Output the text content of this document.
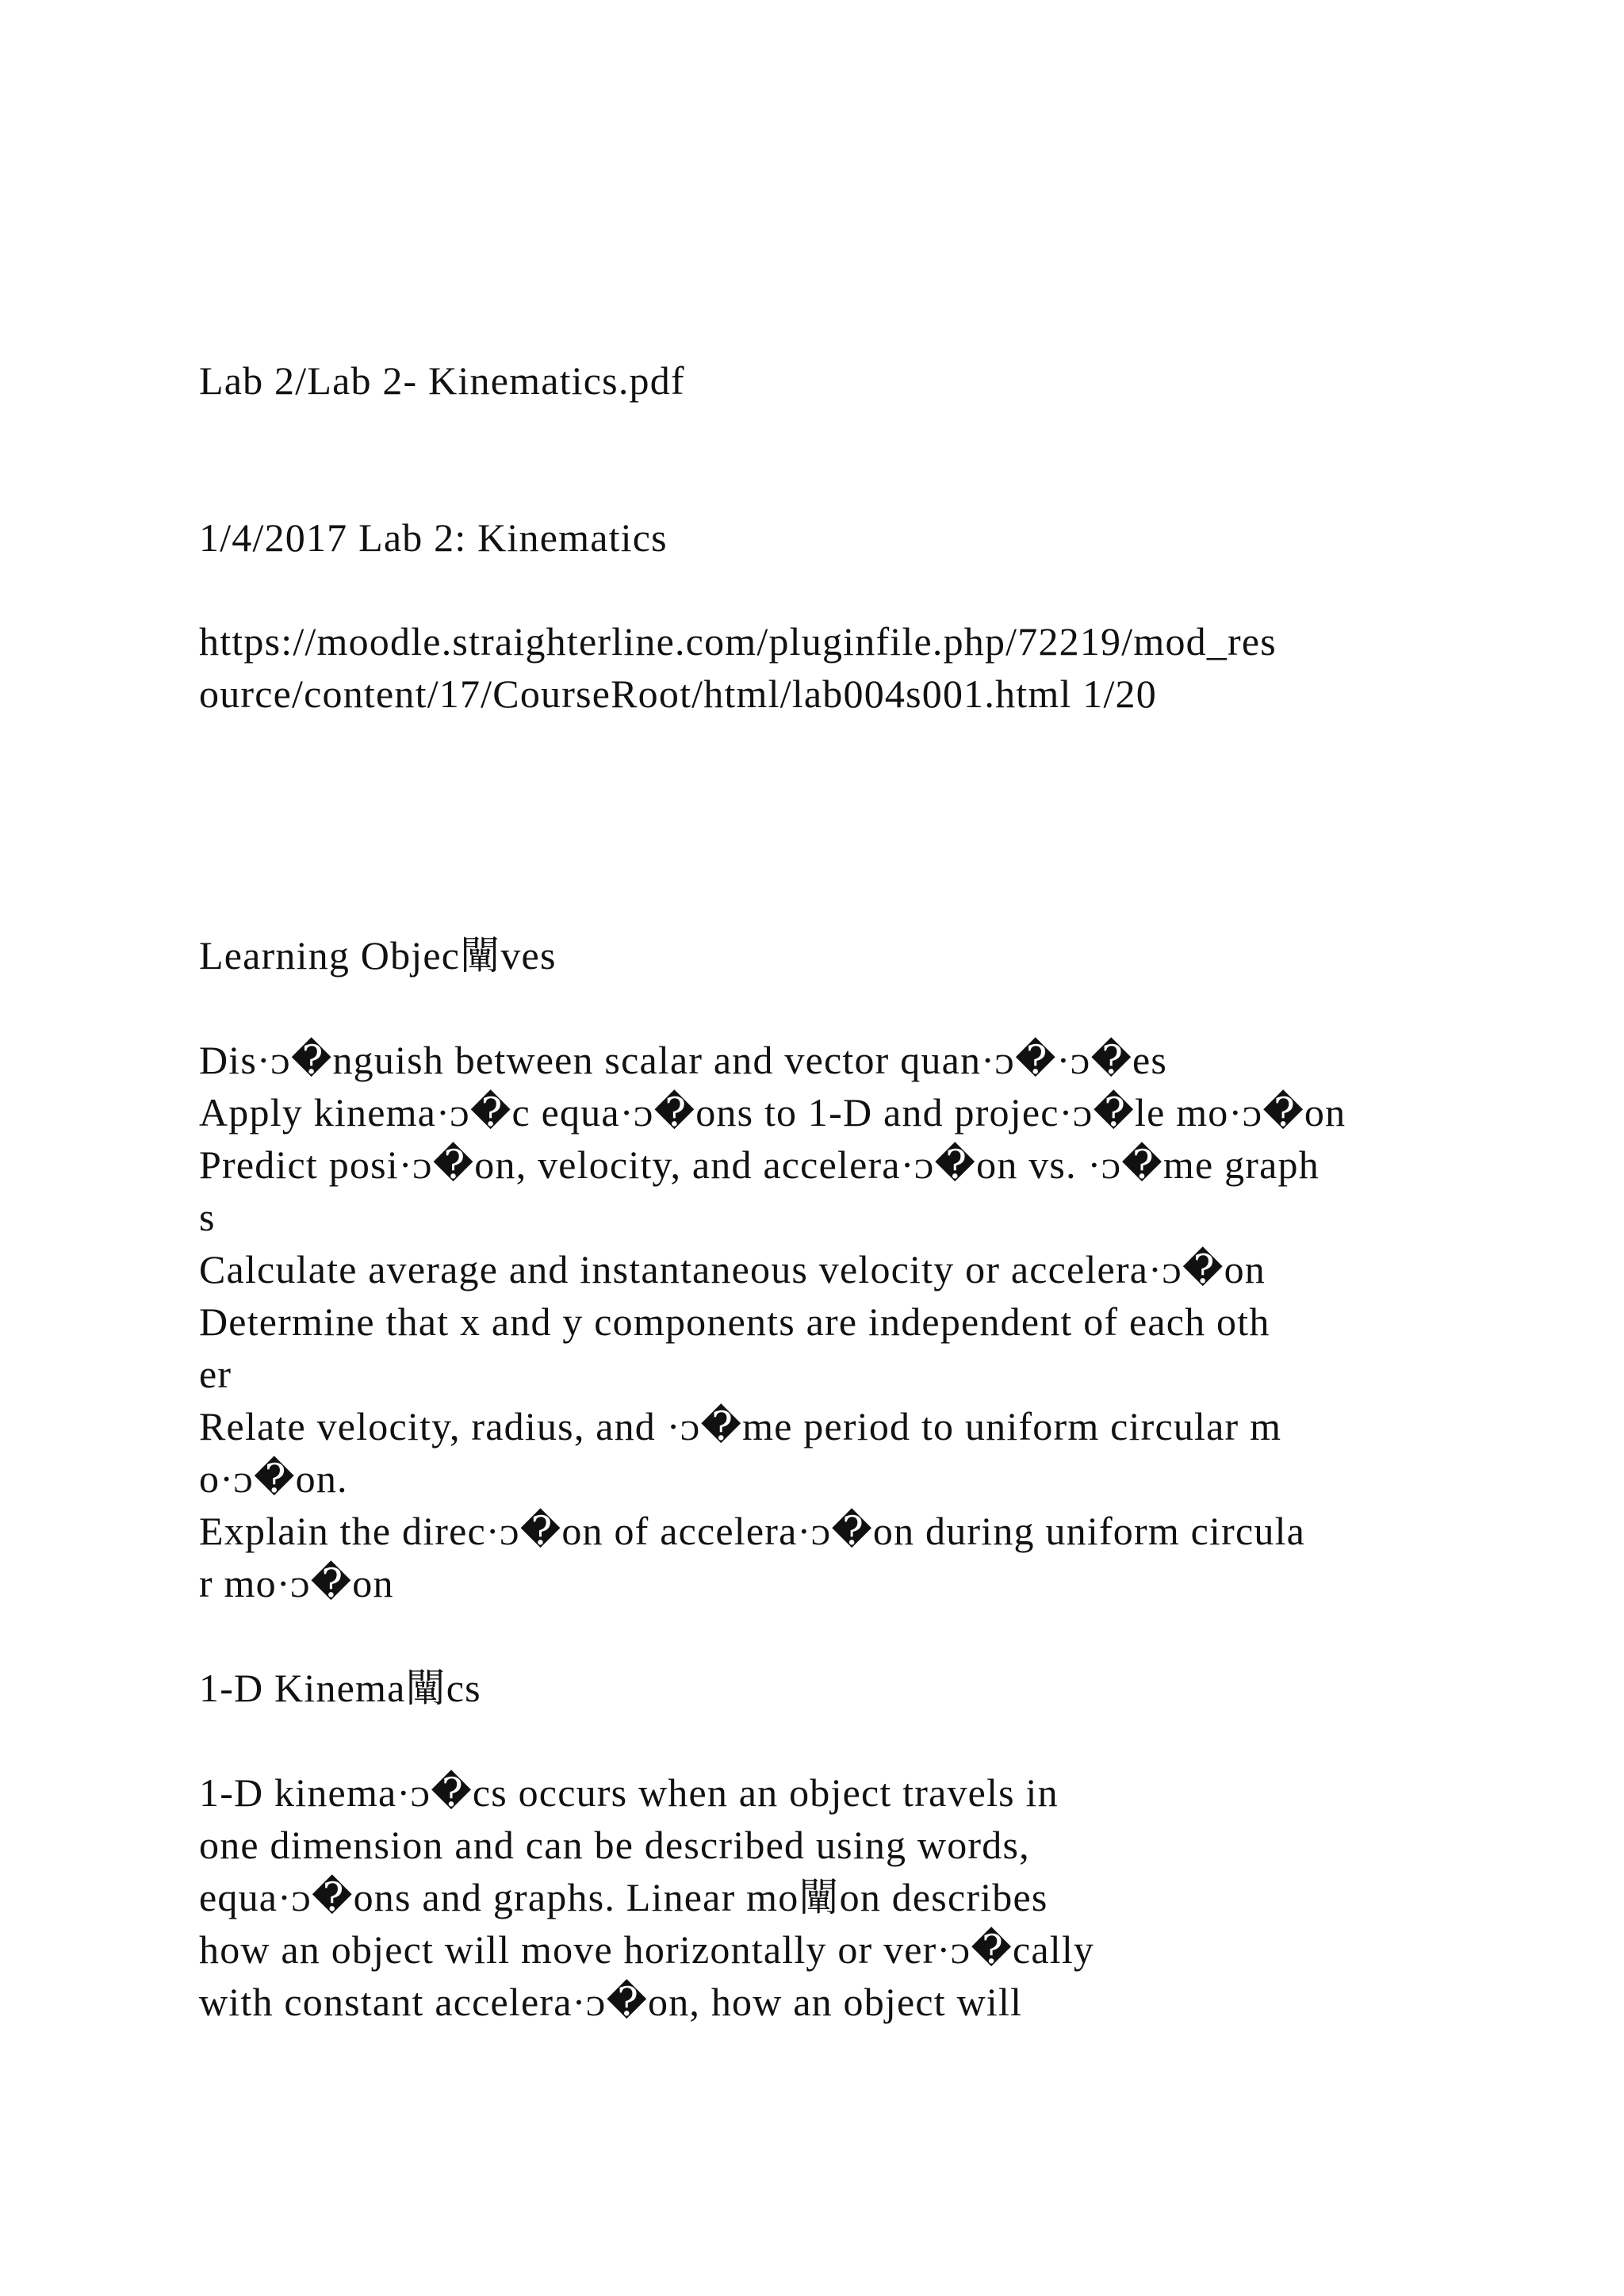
Lab 2/Lab 2- Kinematics.pdf

1/4/2017 Lab 2: Kinematics

https://moodle.straighterline.com/pluginfile.php/72219/mod_res

ource/content/17/CourseRoot/html/lab004s001.html 1/20

Learning Objec闡ves

Dis·ᴐ�nguish between scalar and vector quan·ᴐ�·ᴐ�es

Apply kinema·ᴐ�c equa·ᴐ�ons to 1-D and projec·ᴐ�le mo·ᴐ�on

Predict posi·ᴐ�on, velocity, and accelera·ᴐ�on vs. ·ᴐ�me graph

s

Calculate average and instantaneous velocity or accelera·ᴐ�on

Determine that x and y components are independent of each oth

er

Relate velocity, radius, and ·ᴐ�me period to uniform circular m

o·ᴐ�on.

Explain the direc·ᴐ�on of accelera·ᴐ�on during uniform circula

r mo·ᴐ�on

1-D Kinema闡cs

1-D kinema·ᴐ�cs occurs when an object travels in

one dimension and can be described using words,

equa·ᴐ�ons and graphs. Linear mo闡on describes

how an object will move horizontally or ver·ᴐ�cally

with constant accelera·ᴐ�on, how an object will
